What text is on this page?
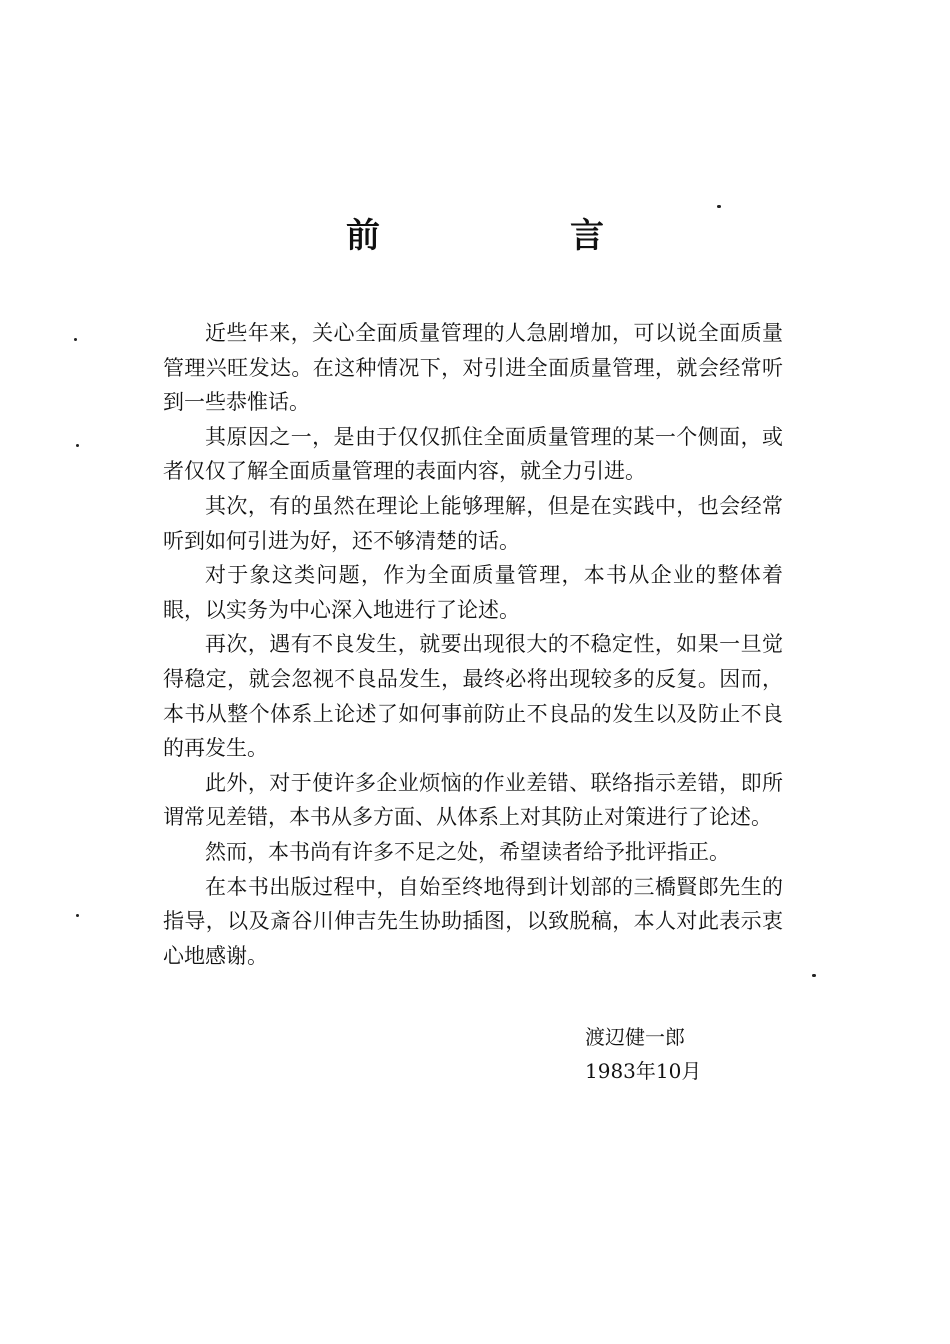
前　言

近些年来，关心全面质量管理的人急剧增加，可以说全面质量管理兴旺发达。在这种情况下，对引进全面质量管理，就会经常听到一些恭惟话。

其原因之一，是由于仅仅抓住全面质量管理的某一个侧面，或者仅仅了解全面质量管理的表面内容，就全力引进。

其次，有的虽然在理论上能够理解，但是在实践中，也会经常听到如何引进为好，还不够清楚的话。

对于象这类问题，作为全面质量管理，本书从企业的整体着眼，以实务为中心深入地进行了论述。

再次，遇有不良发生，就要出现很大的不稳定性，如果一旦觉得稳定，就会忽视不良品发生，最终必将出现较多的反复。因而，本书从整个体系上论述了如何事前防止不良品的发生以及防止不良的再发生。

此外，对于使许多企业烦恼的作业差错、联络指示差错，即所谓常见差错，本书从多方面、从体系上对其防止对策进行了论述。

然而，本书尚有许多不足之处，希望读者给予批评指正。

在本书出版过程中，自始至终地得到计划部的三橋賢郎先生的指导，以及斎谷川伸吉先生协助插图，以致脱稿，本人对此表示衷心地感谢。

渡辺健一郎
1983年10月
